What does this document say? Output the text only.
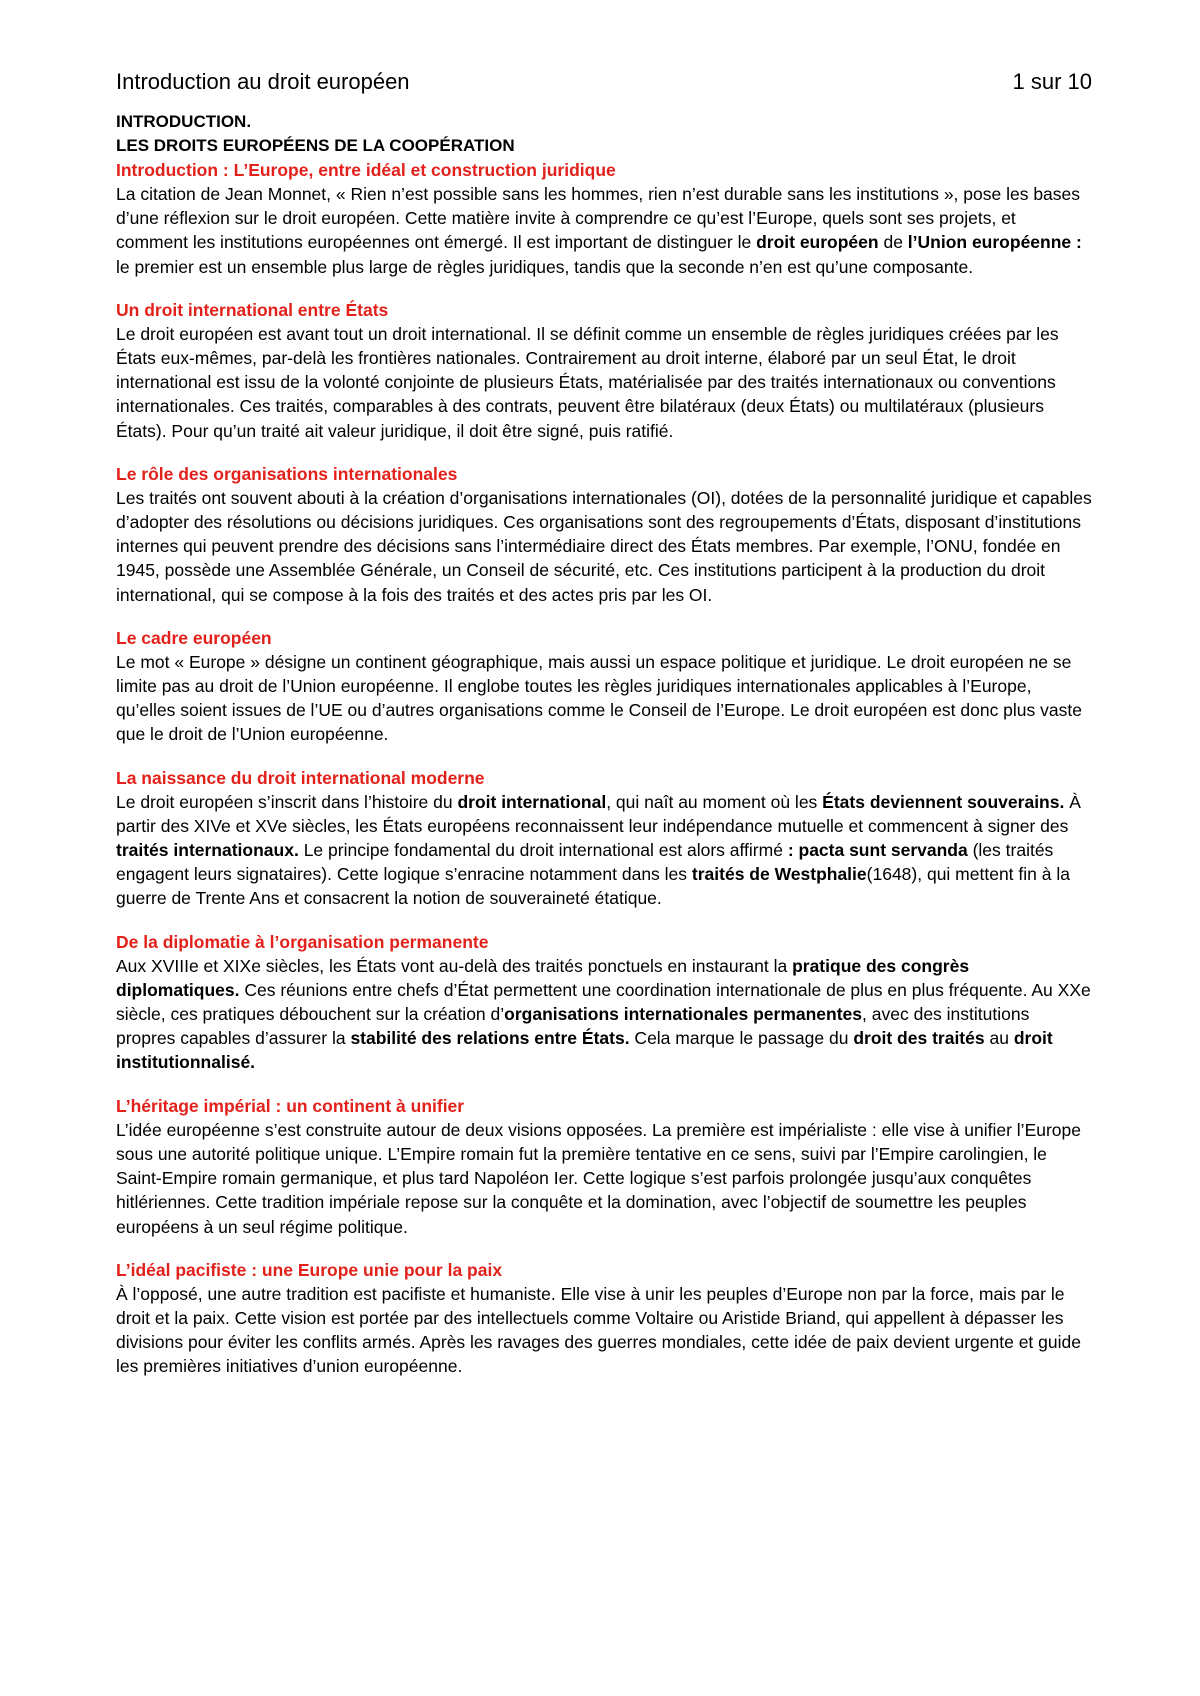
Introduction au droit européen	1 sur 10

INTRODUCTION.

LES DROITS EUROPÉENS DE LA COOPÉRATION

Introduction : L’Europe, entre idéal et construction juridique

La citation de Jean Monnet, « Rien n’est possible sans les hommes, rien n’est durable sans les institutions », pose les bases d’une réflexion sur le droit européen. Cette matière invite à comprendre ce qu’est l’Europe, quels sont ses projets, et comment les institutions européennes ont émergé. Il est important de distinguer le droit européen de l’Union européenne : le premier est un ensemble plus large de règles juridiques, tandis que la seconde n’en est qu’une composante.

Un droit international entre États

Le droit européen est avant tout un droit international. Il se définit comme un ensemble de règles juridiques créées par les États eux-mêmes, par-delà les frontières nationales. Contrairement au droit interne, élaboré par un seul État, le droit international est issu de la volonté conjointe de plusieurs États, matérialisée par des traités internationaux ou conventions internationales. Ces traités, comparables à des contrats, peuvent être bilatéraux (deux États) ou multilatéraux (plusieurs États). Pour qu’un traité ait valeur juridique, il doit être signé, puis ratifié.

Le rôle des organisations internationales

Les traités ont souvent abouti à la création d’organisations internationales (OI), dotées de la personnalité juridique et capables d’adopter des résolutions ou décisions juridiques. Ces organisations sont des regroupements d’États, disposant d’institutions internes qui peuvent prendre des décisions sans l’intermédiaire direct des États membres. Par exemple, l’ONU, fondée en 1945, possède une Assemblée Générale, un Conseil de sécurité, etc. Ces institutions participent à la production du droit international, qui se compose à la fois des traités et des actes pris par les OI.

Le cadre européen

Le mot « Europe » désigne un continent géographique, mais aussi un espace politique et juridique. Le droit européen ne se limite pas au droit de l’Union européenne. Il englobe toutes les règles juridiques internationales applicables à l’Europe, qu’elles soient issues de l’UE ou d’autres organisations comme le Conseil de l’Europe. Le droit européen est donc plus vaste que le droit de l’Union européenne.

La naissance du droit international moderne

Le droit européen s’inscrit dans l’histoire du droit international, qui naît au moment où les États deviennent souverains. À partir des XIVe et XVe siècles, les États européens reconnaissent leur indépendance mutuelle et commencent à signer des traités internationaux. Le principe fondamental du droit international est alors affirmé : pacta sunt servanda (les traités engagent leurs signataires). Cette logique s’enracine notamment dans les traités de Westphalie(1648), qui mettent fin à la guerre de Trente Ans et consacrent la notion de souveraineté étatique.

De la diplomatie à l’organisation permanente

Aux XVIIIe et XIXe siècles, les États vont au-delà des traités ponctuels en instaurant la pratique des congrès diplomatiques. Ces réunions entre chefs d’État permettent une coordination internationale de plus en plus fréquente. Au XXe siècle, ces pratiques débouchent sur la création d’organisations internationales permanentes, avec des institutions propres capables d’assurer la stabilité des relations entre États. Cela marque le passage du droit des traités au droit institutionnalisé.

L’héritage impérial : un continent à unifier

L’idée européenne s’est construite autour de deux visions opposées. La première est impérialiste : elle vise à unifier l’Europe sous une autorité politique unique. L’Empire romain fut la première tentative en ce sens, suivi par l’Empire carolingien, le Saint-Empire romain germanique, et plus tard Napoléon Ier. Cette logique s’est parfois prolongée jusqu’aux conquêtes hitlériennes. Cette tradition impériale repose sur la conquête et la domination, avec l’objectif de soumettre les peuples européens à un seul régime politique.

L’idéal pacifiste : une Europe unie pour la paix

À l’opposé, une autre tradition est pacifiste et humaniste. Elle vise à unir les peuples d’Europe non par la force, mais par le droit et la paix. Cette vision est portée par des intellectuels comme Voltaire ou Aristide Briand, qui appellent à dépasser les divisions pour éviter les conflits armés. Après les ravages des guerres mondiales, cette idée de paix devient urgente et guide les premières initiatives d’union européenne.
